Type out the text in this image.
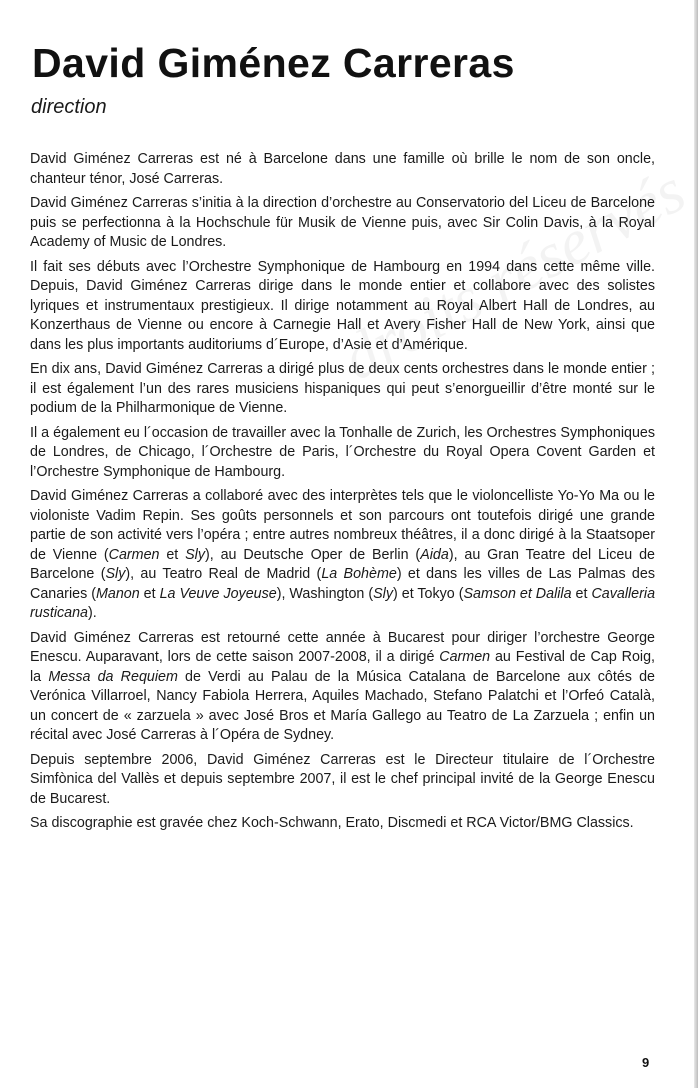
David Giménez Carreras

direction

David Giménez Carreras est né à Barcelone dans une famille où brille le nom de son oncle, chanteur ténor, José Carreras.

David Giménez Carreras s’initia à la direction d’orchestre au Conservatorio del Liceu de Barcelone puis se perfectionna à la Hochschule für Musik de Vienne puis, avec Sir Colin Davis, à la Royal Academy of Music de Londres.

Il fait ses débuts avec l’Orchestre Symphonique de Hambourg en 1994 dans cette même ville. Depuis, David Giménez Carreras dirige dans le monde entier et collabore avec des solistes lyriques et instrumentaux prestigieux. Il dirige notamment au Royal Albert Hall de Londres, au Konzerthaus de Vienne ou encore à Carnegie Hall et Avery Fisher Hall de New York, ainsi que dans les plus importants auditoriums d´Europe, d’Asie et d’Amérique.

En dix ans, David Giménez Carreras a dirigé plus de deux cents orchestres dans le monde entier ; il est également l’un des rares musiciens hispaniques qui peut s’enorgueillir d’être monté sur le podium de la Philharmonique de Vienne.

Il a également eu l´occasion de travailler avec la Tonhalle de Zurich, les Orchestres Symphoniques de Londres, de Chicago, l´Orchestre de Paris, l´Orchestre du Royal Opera Covent Garden et l’Orchestre Symphonique de Hambourg.

David Giménez Carreras a collaboré avec des interprètes tels que le violoncelliste Yo-Yo Ma ou le violoniste Vadim Repin. Ses goûts personnels et son parcours ont toutefois dirigé une grande partie de son activité vers l’opéra ; entre autres nombreux théâtres, il a donc dirigé à la Staatsoper de Vienne (Carmen et Sly), au Deutsche Oper de Berlin (Aida), au Gran Teatre del Liceu de Barcelone (Sly), au Teatro Real de Madrid (La Bohème) et dans les villes de Las Palmas des Canaries (Manon et La Veuve Joyeuse), Washington (Sly) et Tokyo (Samson et Dalila et Cavalleria rusticana).

David Giménez Carreras est retourné cette année à Bucarest pour diriger l’orchestre George Enescu. Auparavant, lors de cette saison 2007-2008, il a dirigé Carmen au Festival de Cap Roig, la Messa da Requiem de Verdi au Palau de la Música Catalana de Barcelone aux côtés de Verónica Villarroel, Nancy Fabiola Herrera, Aquiles Machado, Stefano Palatchi et l’Orfeó Català, un concert de « zarzuela » avec José Bros et María Gallego au Teatro de La Zarzuela ; enfin un récital avec José Carreras à l´Opéra de Sydney.

Depuis septembre 2006, David Giménez Carreras est le Directeur titulaire de l´Orchestre Simfònica del Vallès et depuis septembre 2007, il est le chef principal invité de la George Enescu de Bucarest.

Sa discographie est gravée chez Koch-Schwann, Erato, Discmedi et RCA Victor/BMG Classics.

9
